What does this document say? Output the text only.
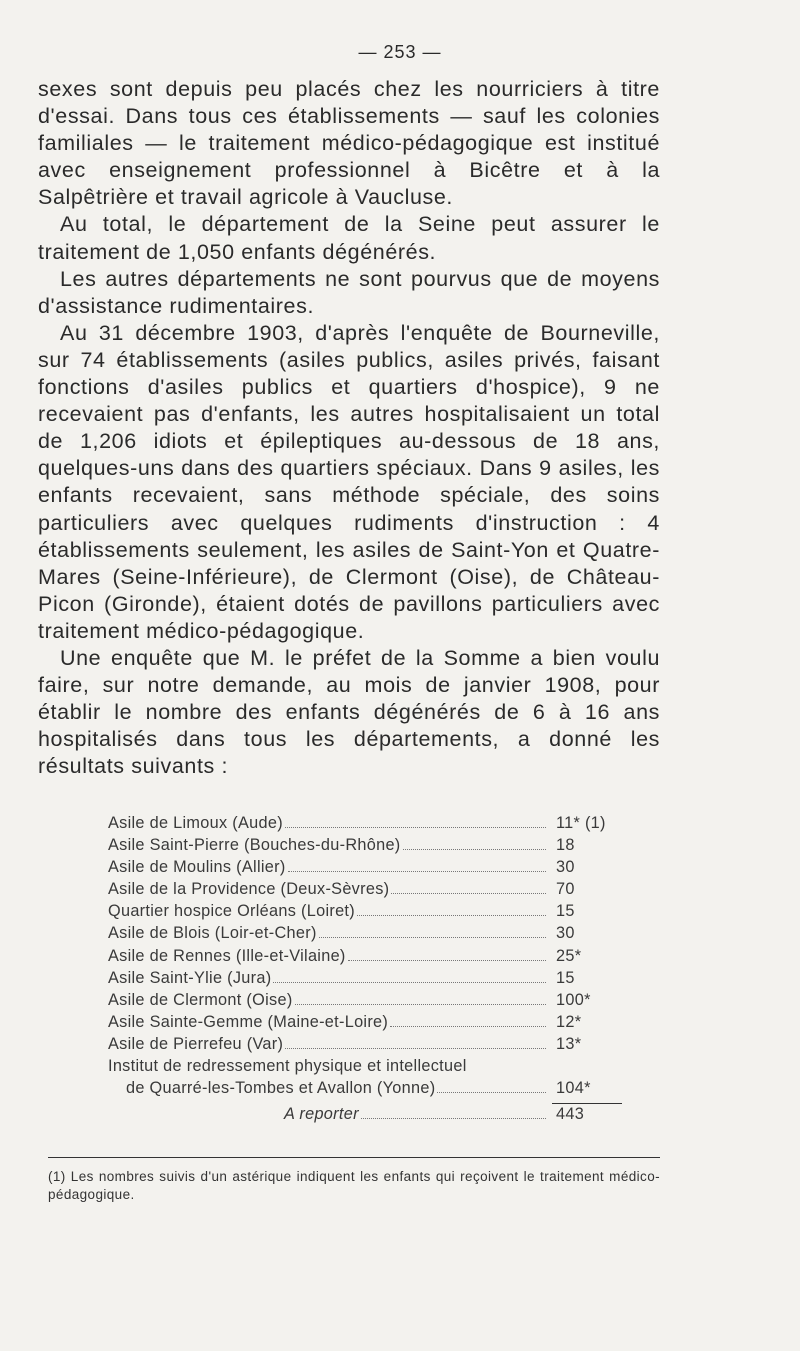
— 253 —

sexes sont depuis peu placés chez les nourriciers à titre d'essai. Dans tous ces établissements — sauf les colonies familiales — le traitement médico-pédagogique est institué avec enseignement professionnel à Bicêtre et à la Salpêtrière et travail agricole à Vaucluse.

Au total, le département de la Seine peut assurer le traitement de 1,050 enfants dégénérés.

Les autres départements ne sont pourvus que de moyens d'assistance rudimentaires.

Au 31 décembre 1903, d'après l'enquête de Bourneville, sur 74 établissements (asiles publics, asiles privés, faisant fonctions d'asiles publics et quartiers d'hospice), 9 ne recevaient pas d'enfants, les autres hospitalisaient un total de 1,206 idiots et épileptiques au-dessous de 18 ans, quelques-uns dans des quartiers spéciaux. Dans 9 asiles, les enfants recevaient, sans méthode spéciale, des soins particuliers avec quelques rudiments d'instruction : 4 établissements seulement, les asiles de Saint-Yon et Quatre-Mares (Seine-Inférieure), de Clermont (Oise), de Château-Picon (Gironde), étaient dotés de pavillons particuliers avec traitement médico-pédagogique.

Une enquête que M. le préfet de la Somme a bien voulu faire, sur notre demande, au mois de janvier 1908, pour établir le nombre des enfants dégénérés de 6 à 16 ans hospitalisés dans tous les départements, a donné les résultats suivants :

Asile de Limoux (Aude)	11* (1)
Asile Saint-Pierre (Bouches-du-Rhône)	18
Asile de Moulins (Allier)	30
Asile de la Providence (Deux-Sèvres)	70
Quartier hospice Orléans (Loiret)	15
Asile de Blois (Loir-et-Cher)	30
Asile de Rennes (Ille-et-Vilaine)	25*
Asile Saint-Ylie (Jura)	15
Asile de Clermont (Oise)	100*
Asile Sainte-Gemme (Maine-et-Loire)	12*
Asile de Pierrefeu (Var)	13*
Institut de redressement physique et intellectuel
de Quarré-les-Tombes et Avallon (Yonne)	104*
A reporter	443
(1) Les nombres suivis d'un astérique indiquent les enfants qui reçoivent le traitement médico-pédagogique.
